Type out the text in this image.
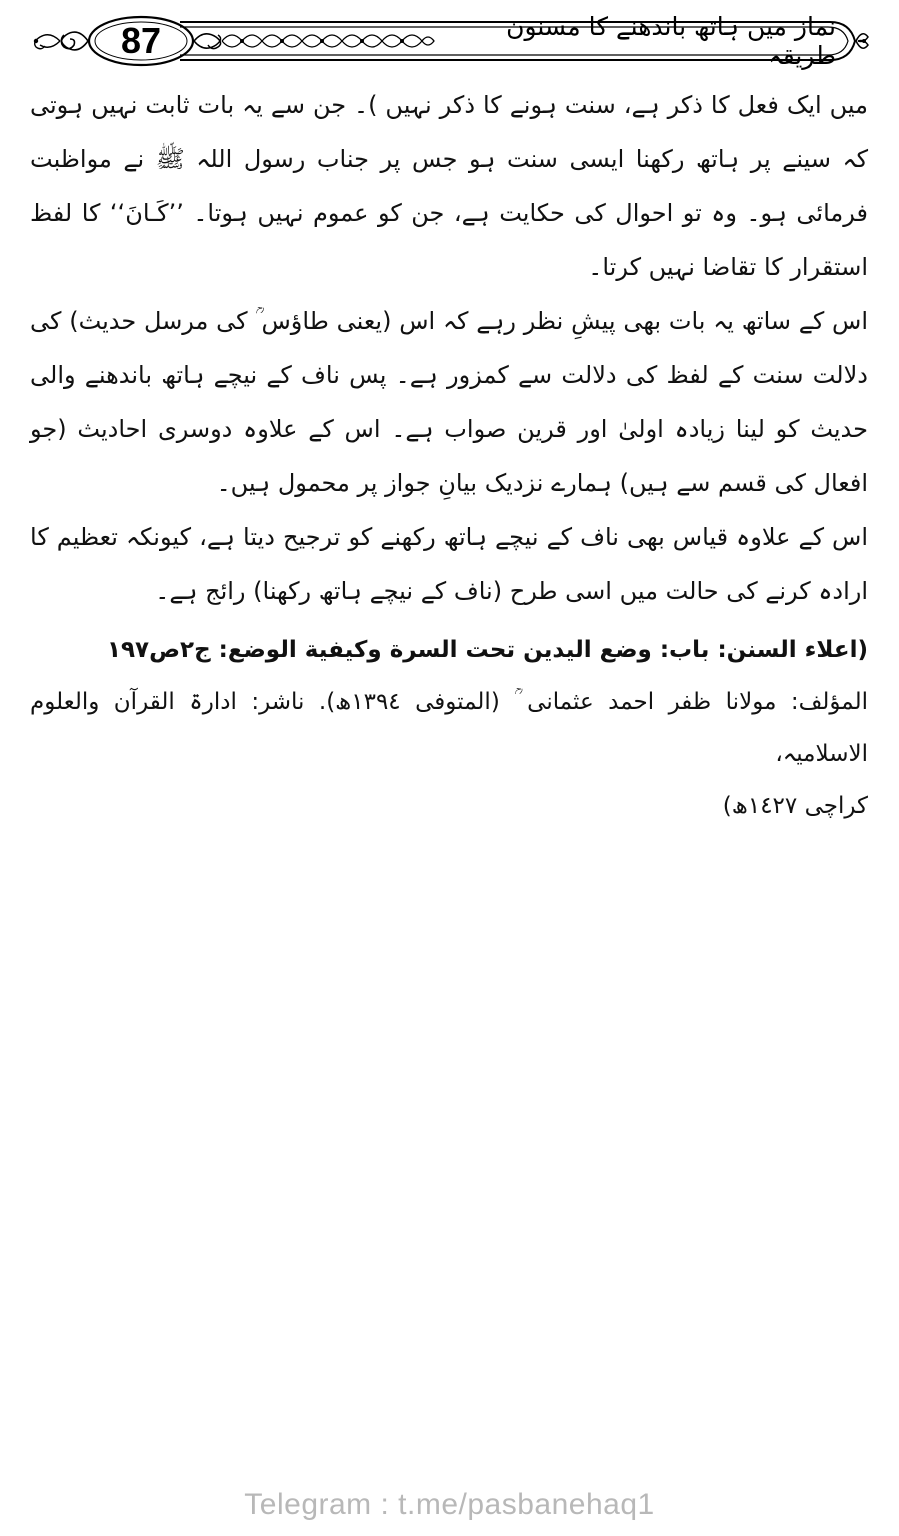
87	نماز میں ہاتھ باندھنے کا مسنون طریقہ

میں ایک فعل کا ذکر ہے، سنت ہونے کا ذکر نہیں )۔ جن سے یہ بات ثابت نہیں ہوتی کہ سینے پر ہاتھ رکھنا ایسی سنت ہو جس پر جناب رسول اللہ ﷺ نے مواظبت فرمائی ہو۔ وہ تو احوال کی حکایت ہے، جن کو عموم نہیں ہوتا۔ ’’کَـانَ‘‘ کا لفظ استقرار کا تقاضا نہیں کرتا۔

اس کے ساتھ یہ بات بھی پیشِ نظر رہے کہ اس (یعنی طاؤس ؒ کی مرسل حدیث) کی دلالت سنت کے لفظ کی دلالت سے کمزور ہے۔ پس ناف کے نیچے ہاتھ باندھنے والی حدیث کو لینا زیادہ اولیٰ اور قرین صواب ہے۔ اس کے علاوہ دوسری احادیث (جو افعال کی قسم سے ہیں) ہمارے نزدیک بیانِ جواز پر محمول ہیں۔

اس کے علاوہ قیاس بھی ناف کے نیچے ہاتھ رکھنے کو ترجیح دیتا ہے، کیونکہ تعظیم کا ارادہ کرنے کی حالت میں اسی طرح (ناف کے نیچے ہاتھ رکھنا) رائج ہے۔

(اعلاء السنن: باب: وضع اليدين تحت السرة وكيفية الوضع: ج٢ص١٩٧
المؤلف: مولانا ظفر احمد عثمانی ؒ (المتوفی ١٣٩٤ھ). ناشر: ادارۃ القرآن والعلوم الاسلامیہ،
کراچی ١٤٢٧ھ)
Telegram : t.me/pasbanehaq1
